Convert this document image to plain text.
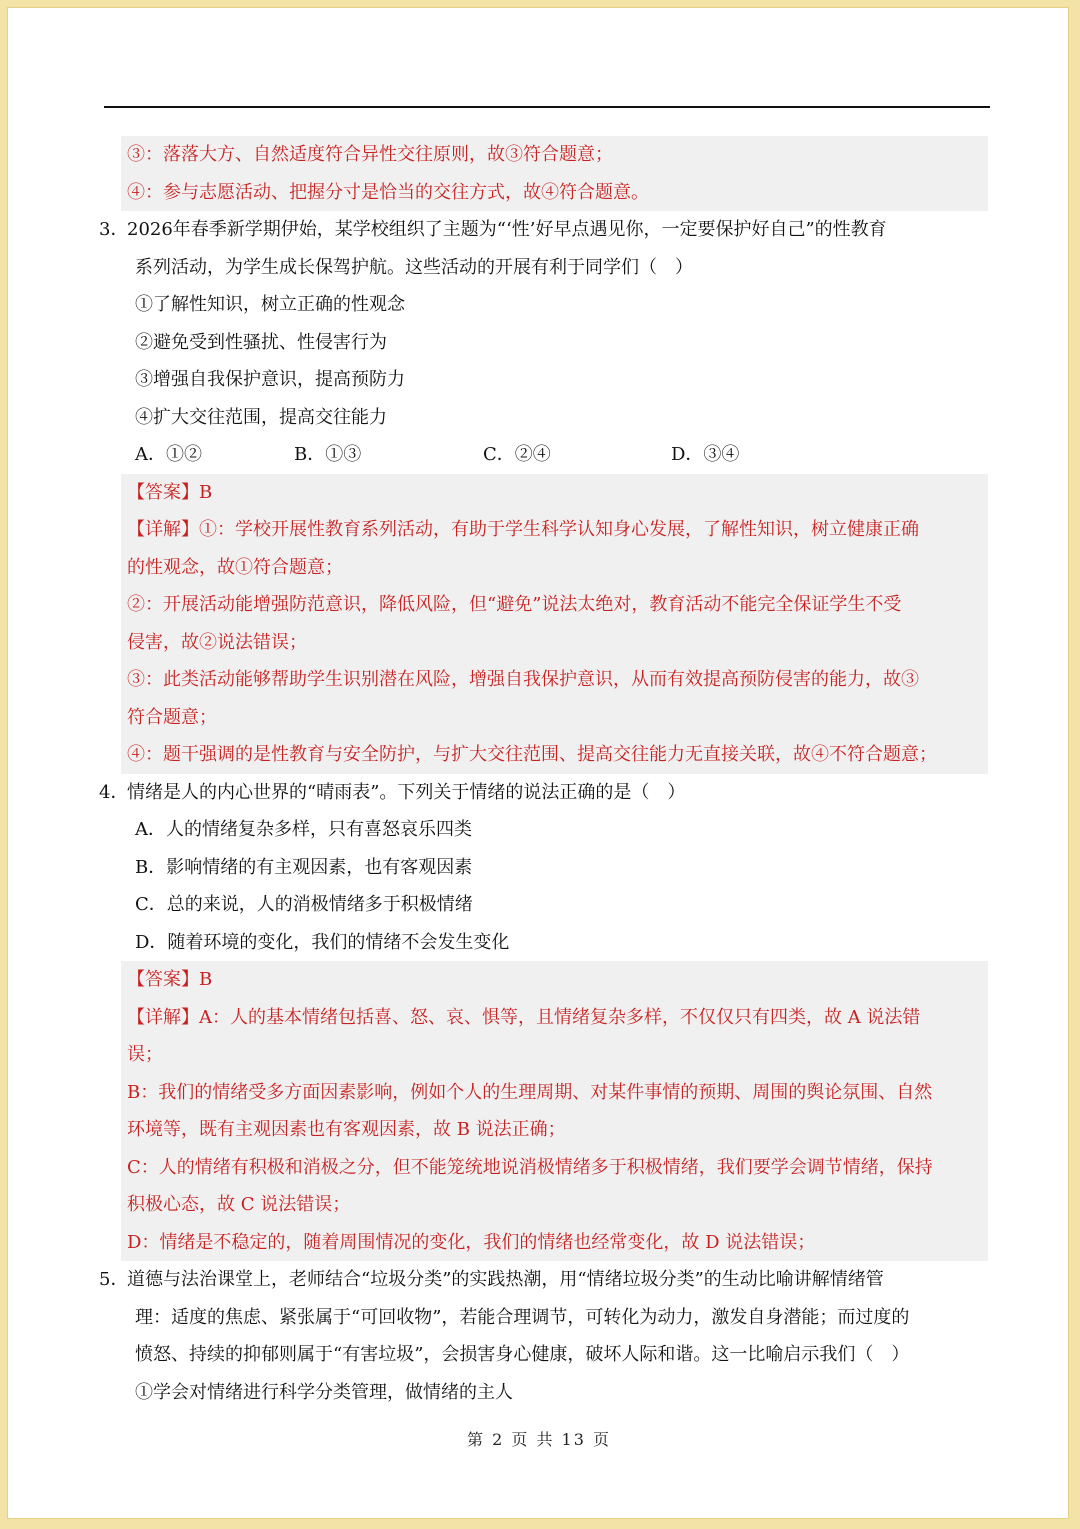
③：落落大方、自然适度符合异性交往原则，故③符合题意；
④：参与志愿活动、把握分寸是恰当的交往方式，故④符合题意。
3．2026年春季新学期伊始，某学校组织了主题为“‘性’好早点遇见你，一定要保护好自己”的性教育
系列活动，为学生成长保驾护航。这些活动的开展有利于同学们（　）
①了解性知识，树立正确的性观念
②避免受到性骚扰、性侵害行为
③增强自我保护意识，提高预防力
④扩大交往范围，提高交往能力
A．①②	B．①③	C．②④	D．③④
【答案】B
【详解】①：学校开展性教育系列活动，有助于学生科学认知身心发展，了解性知识，树立健康正确
的性观念，故①符合题意；
②：开展活动能增强防范意识，降低风险，但“避免”说法太绝对，教育活动不能完全保证学生不受
侵害，故②说法错误；
③：此类活动能够帮助学生识别潜在风险，增强自我保护意识，从而有效提高预防侵害的能力，故③
符合题意；
④：题干强调的是性教育与安全防护，与扩大交往范围、提高交往能力无直接关联，故④不符合题意；
4．情绪是人的内心世界的“晴雨表”。下列关于情绪的说法正确的是（　）
A．人的情绪复杂多样，只有喜怒哀乐四类
B．影响情绪的有主观因素，也有客观因素
C．总的来说，人的消极情绪多于积极情绪
D．随着环境的变化，我们的情绪不会发生变化
【答案】B
【详解】A：人的基本情绪包括喜、怒、哀、惧等，且情绪复杂多样，不仅仅只有四类，故 A 说法错
误；
B：我们的情绪受多方面因素影响，例如个人的生理周期、对某件事情的预期、周围的舆论氛围、自然
环境等，既有主观因素也有客观因素，故 B 说法正确；
C：人的情绪有积极和消极之分，但不能笼统地说消极情绪多于积极情绪，我们要学会调节情绪，保持
积极心态，故 C 说法错误；
D：情绪是不稳定的，随着周围情况的变化，我们的情绪也经常变化，故 D 说法错误；
5．道德与法治课堂上，老师结合“垃圾分类”的实践热潮，用“情绪垃圾分类”的生动比喻讲解情绪管
理：适度的焦虑、紧张属于“可回收物”，若能合理调节，可转化为动力，激发自身潜能；而过度的
愤怒、持续的抑郁则属于“有害垃圾”，会损害身心健康，破坏人际和谐。这一比喻启示我们（　）
①学会对情绪进行科学分类管理，做情绪的主人
第 2 页 共 13 页
